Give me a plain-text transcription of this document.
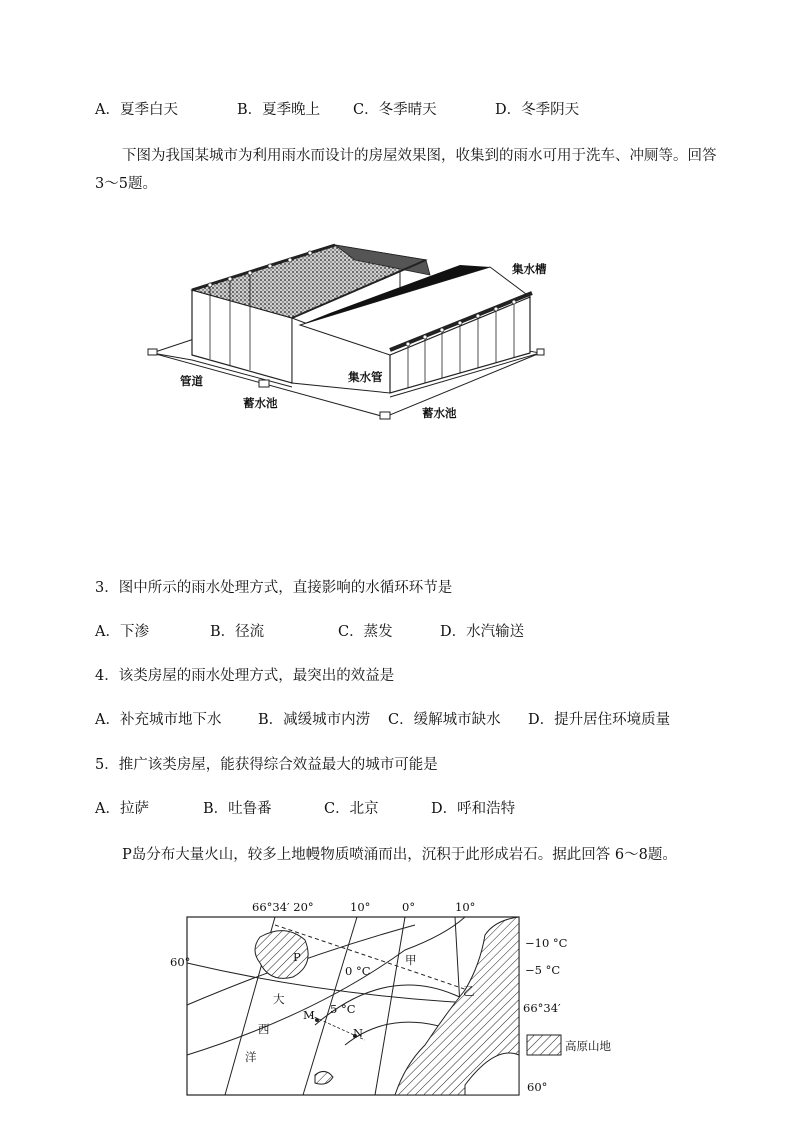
A．夏季白天	B．夏季晚上 C．冬季晴天	D．冬季阴天
下图为我国某城市为利用雨水而设计的房屋效果图，收集到的雨水可用于洗车、冲厕等。回答
3～5题。
集水槽
集水管
管道
蓄水池
蓄水池
3．图中所示的雨水处理方式，直接影响的水循环环节是
A．下渗	B．径流	C．蒸发	D．水汽输送
4．该类房屋的雨水处理方式，最突出的效益是
A．补充城市地下水	B．减缓城市内涝 C．缓解城市缺水 D．提升居住环境质量
5．推广该类房屋，能获得综合效益最大的城市可能是
A．拉萨	B．吐鲁番	C．北京	D．呼和浩特
P岛分布大量火山，较多上地幔物质喷涌而出，沉积于此形成岩石。据此回答 6～8题。
66°34′ 20°	10°	0°	10°
60°
60°
66°34′
−10 °C
−5 °C
0 °C
5 °C
P
M
N
甲
乙
大
西
洋
高原山地
